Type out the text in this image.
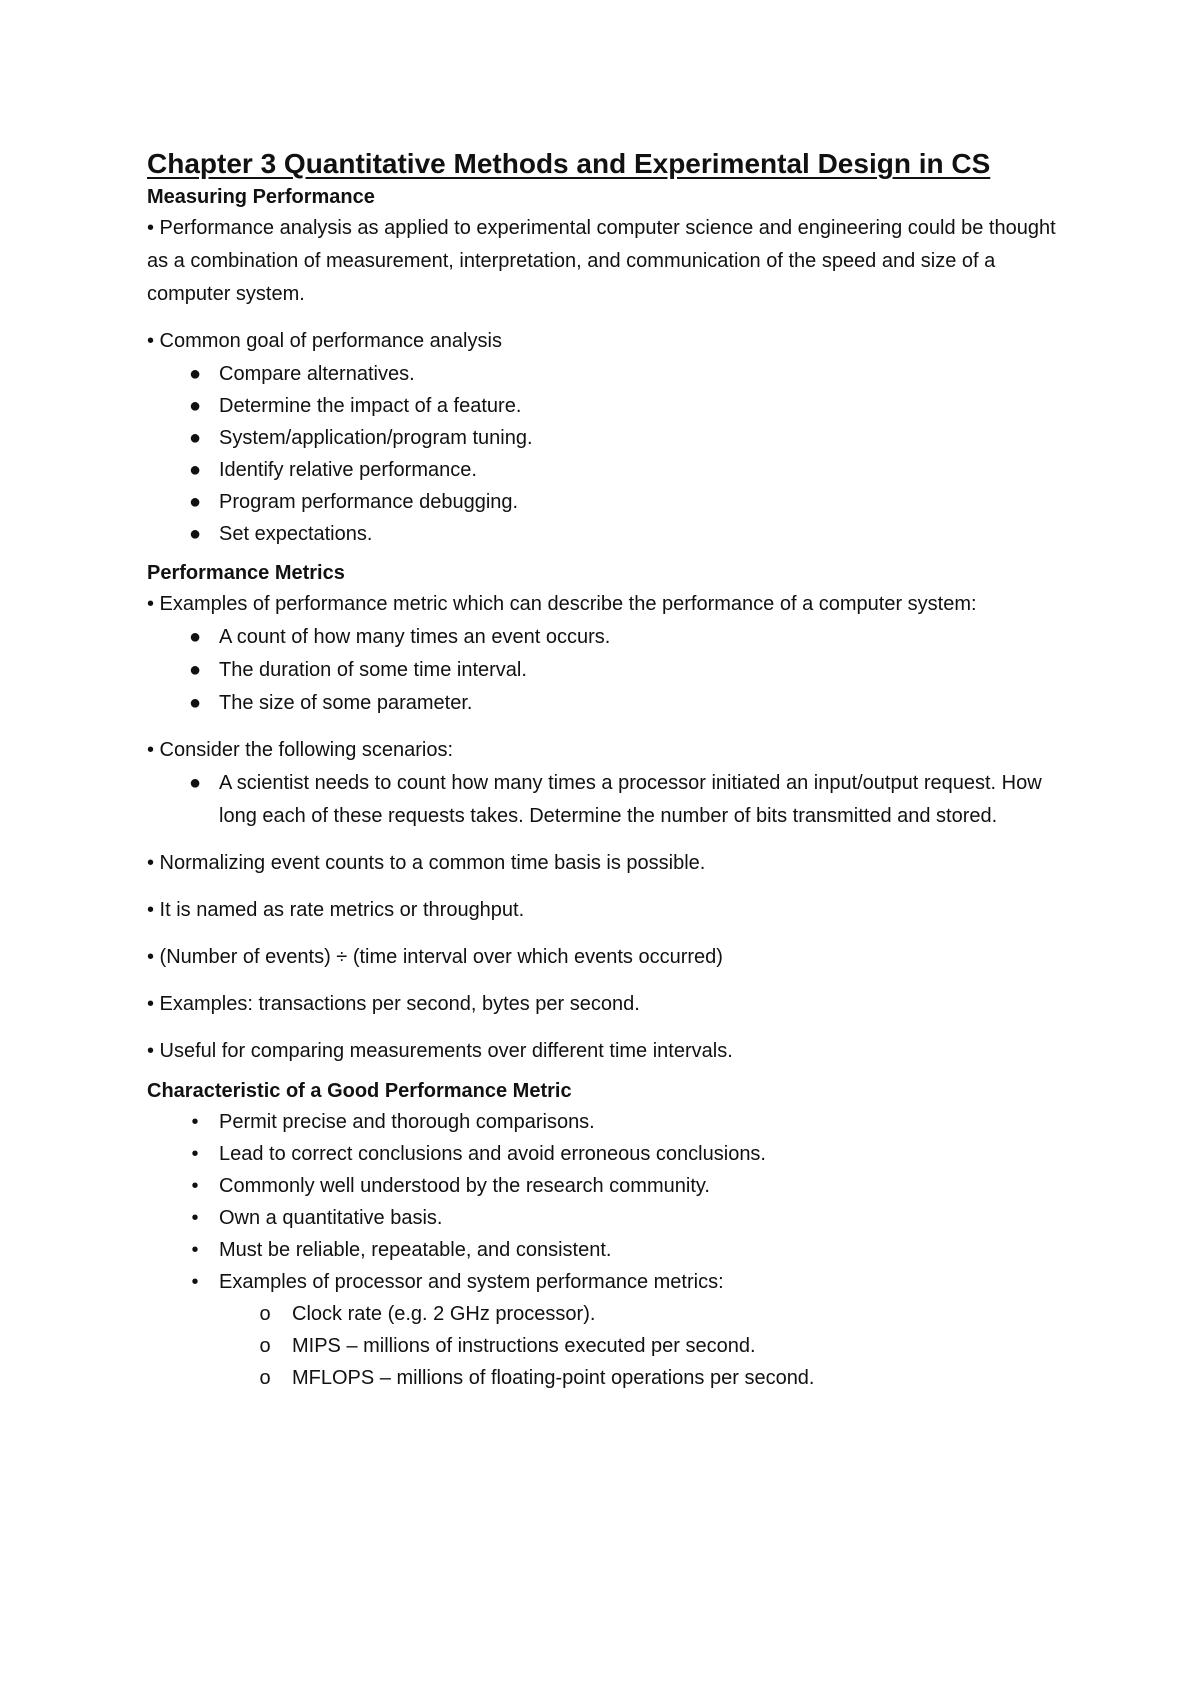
Chapter 3 Quantitative Methods and Experimental Design in CS
Measuring Performance

• Performance analysis as applied to experimental computer science and engineering could be thought as a combination of measurement, interpretation, and communication of the speed and size of a computer system.

• Common goal of performance analysis

● Compare alternatives.
● Determine the impact of a feature.
● System/application/program tuning.
● Identify relative performance.
● Program performance debugging.
● Set expectations.
Performance Metrics

• Examples of performance metric which can describe the performance of a computer system:

● A count of how many times an event occurs.
● The duration of some time interval.
● The size of some parameter.

• Consider the following scenarios:

● A scientist needs to count how many times a processor initiated an input/output request. How long each of these requests takes. Determine the number of bits transmitted and stored.

• Normalizing event counts to a common time basis is possible.

• It is named as rate metrics or throughput.

• (Number of events) ÷ (time interval over which events occurred)

• Examples: transactions per second, bytes per second.

• Useful for comparing measurements over different time intervals.

Characteristic of a Good Performance Metric
•	Permit precise and thorough comparisons.
•	Lead to correct conclusions and avoid erroneous conclusions.
•	Commonly well understood by the research community.
•	Own a quantitative basis.
•	Must be reliable, repeatable, and consistent.
•	Examples of processor and system performance metrics:
o Clock rate (e.g. 2 GHz processor).
o MIPS – millions of instructions executed per second.
o MFLOPS – millions of floating-point operations per second.
